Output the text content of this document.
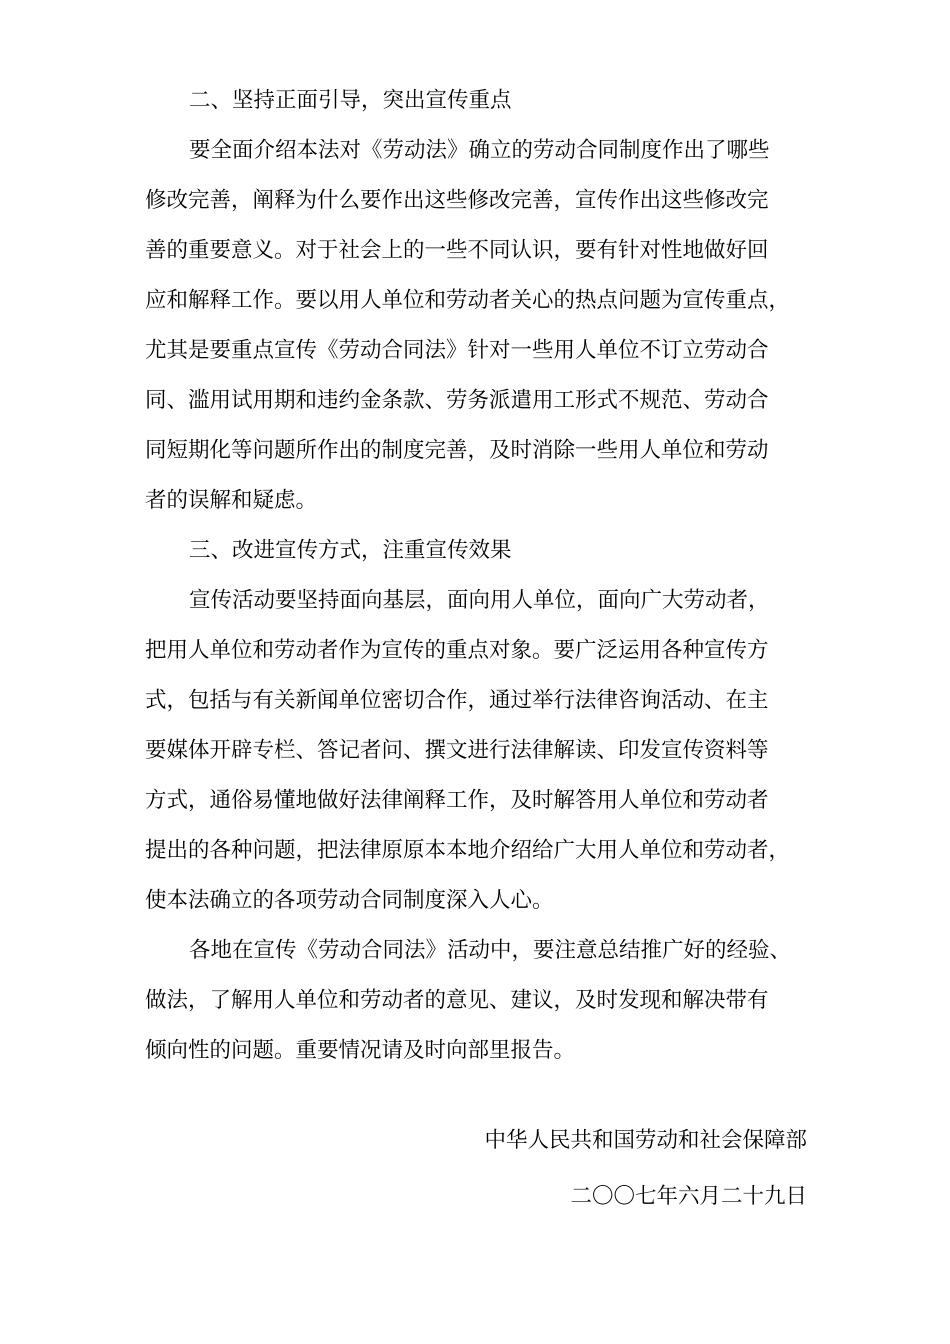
二、坚持正面引导，突出宣传重点
要全面介绍本法对《劳动法》确立的劳动合同制度作出了哪些
修改完善，阐释为什么要作出这些修改完善，宣传作出这些修改完
善的重要意义。对于社会上的一些不同认识，要有针对性地做好回
应和解释工作。要以用人单位和劳动者关心的热点问题为宣传重点，
尤其是要重点宣传《劳动合同法》针对一些用人单位不订立劳动合
同、滥用试用期和违约金条款、劳务派遣用工形式不规范、劳动合
同短期化等问题所作出的制度完善，及时消除一些用人单位和劳动
者的误解和疑虑。
三、改进宣传方式，注重宣传效果
宣传活动要坚持面向基层，面向用人单位，面向广大劳动者，
把用人单位和劳动者作为宣传的重点对象。要广泛运用各种宣传方
式，包括与有关新闻单位密切合作，通过举行法律咨询活动、在主
要媒体开辟专栏、答记者问、撰文进行法律解读、印发宣传资料等
方式，通俗易懂地做好法律阐释工作，及时解答用人单位和劳动者
提出的各种问题，把法律原原本本地介绍给广大用人单位和劳动者，
使本法确立的各项劳动合同制度深入人心。
各地在宣传《劳动合同法》活动中，要注意总结推广好的经验、
做法，了解用人单位和劳动者的意见、建议，及时发现和解决带有
倾向性的问题。重要情况请及时向部里报告。
中华人民共和国劳动和社会保障部
二〇〇七年六月二十九日
